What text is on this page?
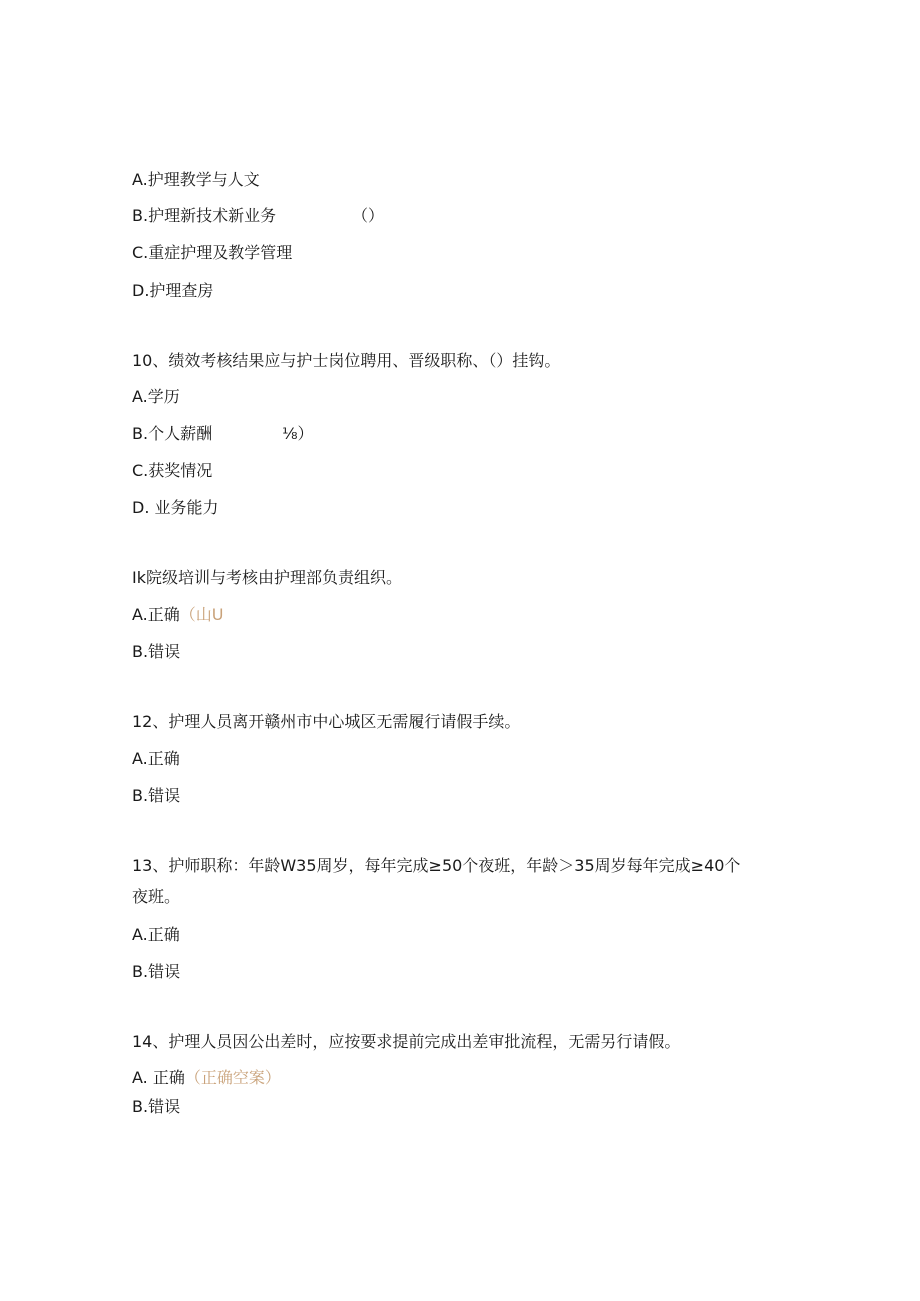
A.护理教学与人文
B.护理新技术新业务	（）
C.重症护理及教学管理
D.护理查房
10、绩效考核结果应与护士岗位聘用、晋级职称、（）挂钩。
A.学历
B.个人薪酬	⅛）
C.获奖情况
D. 业务能力
Ik院级培训与考核由护理部负责组织。
A.正确（山U
B.错误
12、护理人员离开赣州市中心城区无需履行请假手续。
A.正确
B.错误
13、护师职称：年龄W35周岁，每年完成≥50个夜班，年龄＞35周岁每年完成≥40个
夜班。
A.正确
B.错误
14、护理人员因公出差时，应按要求提前完成出差审批流程，无需另行请假。
A. 正确（正确空案）
B.错误
